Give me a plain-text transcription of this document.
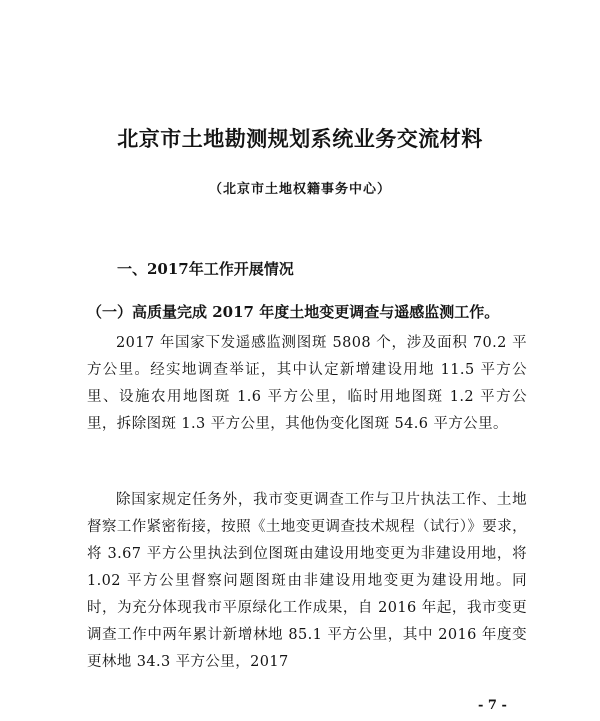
北京市土地勘测规划系统业务交流材料
（北京市土地权籍事务中心）
一、2017年工作开展情况
（一）高质量完成 2017 年度土地变更调查与遥感监测工作。
2017 年国家下发遥感监测图斑 5808 个，涉及面积 70.2 平方公里。经实地调查举证，其中认定新增建设用地 11.5 平方公里、设施农用地图斑 1.6 平方公里，临时用地图斑 1.2 平方公里，拆除图斑 1.3 平方公里，其他伪变化图斑 54.6 平方公里。
除国家规定任务外，我市变更调查工作与卫片执法工作、土地督察工作紧密衔接，按照《土地变更调查技术规程（试行）》要求，将 3.67 平方公里执法到位图斑由建设用地变更为非建设用地，将 1.02 平方公里督察问题图斑由非建设用地变更为建设用地。同时，为充分体现我市平原绿化工作成果，自 2016 年起，我市变更调查工作中两年累计新增林地 85.1 平方公里，其中 2016 年度变更林地 34.3 平方公里，2017
- 7 -
